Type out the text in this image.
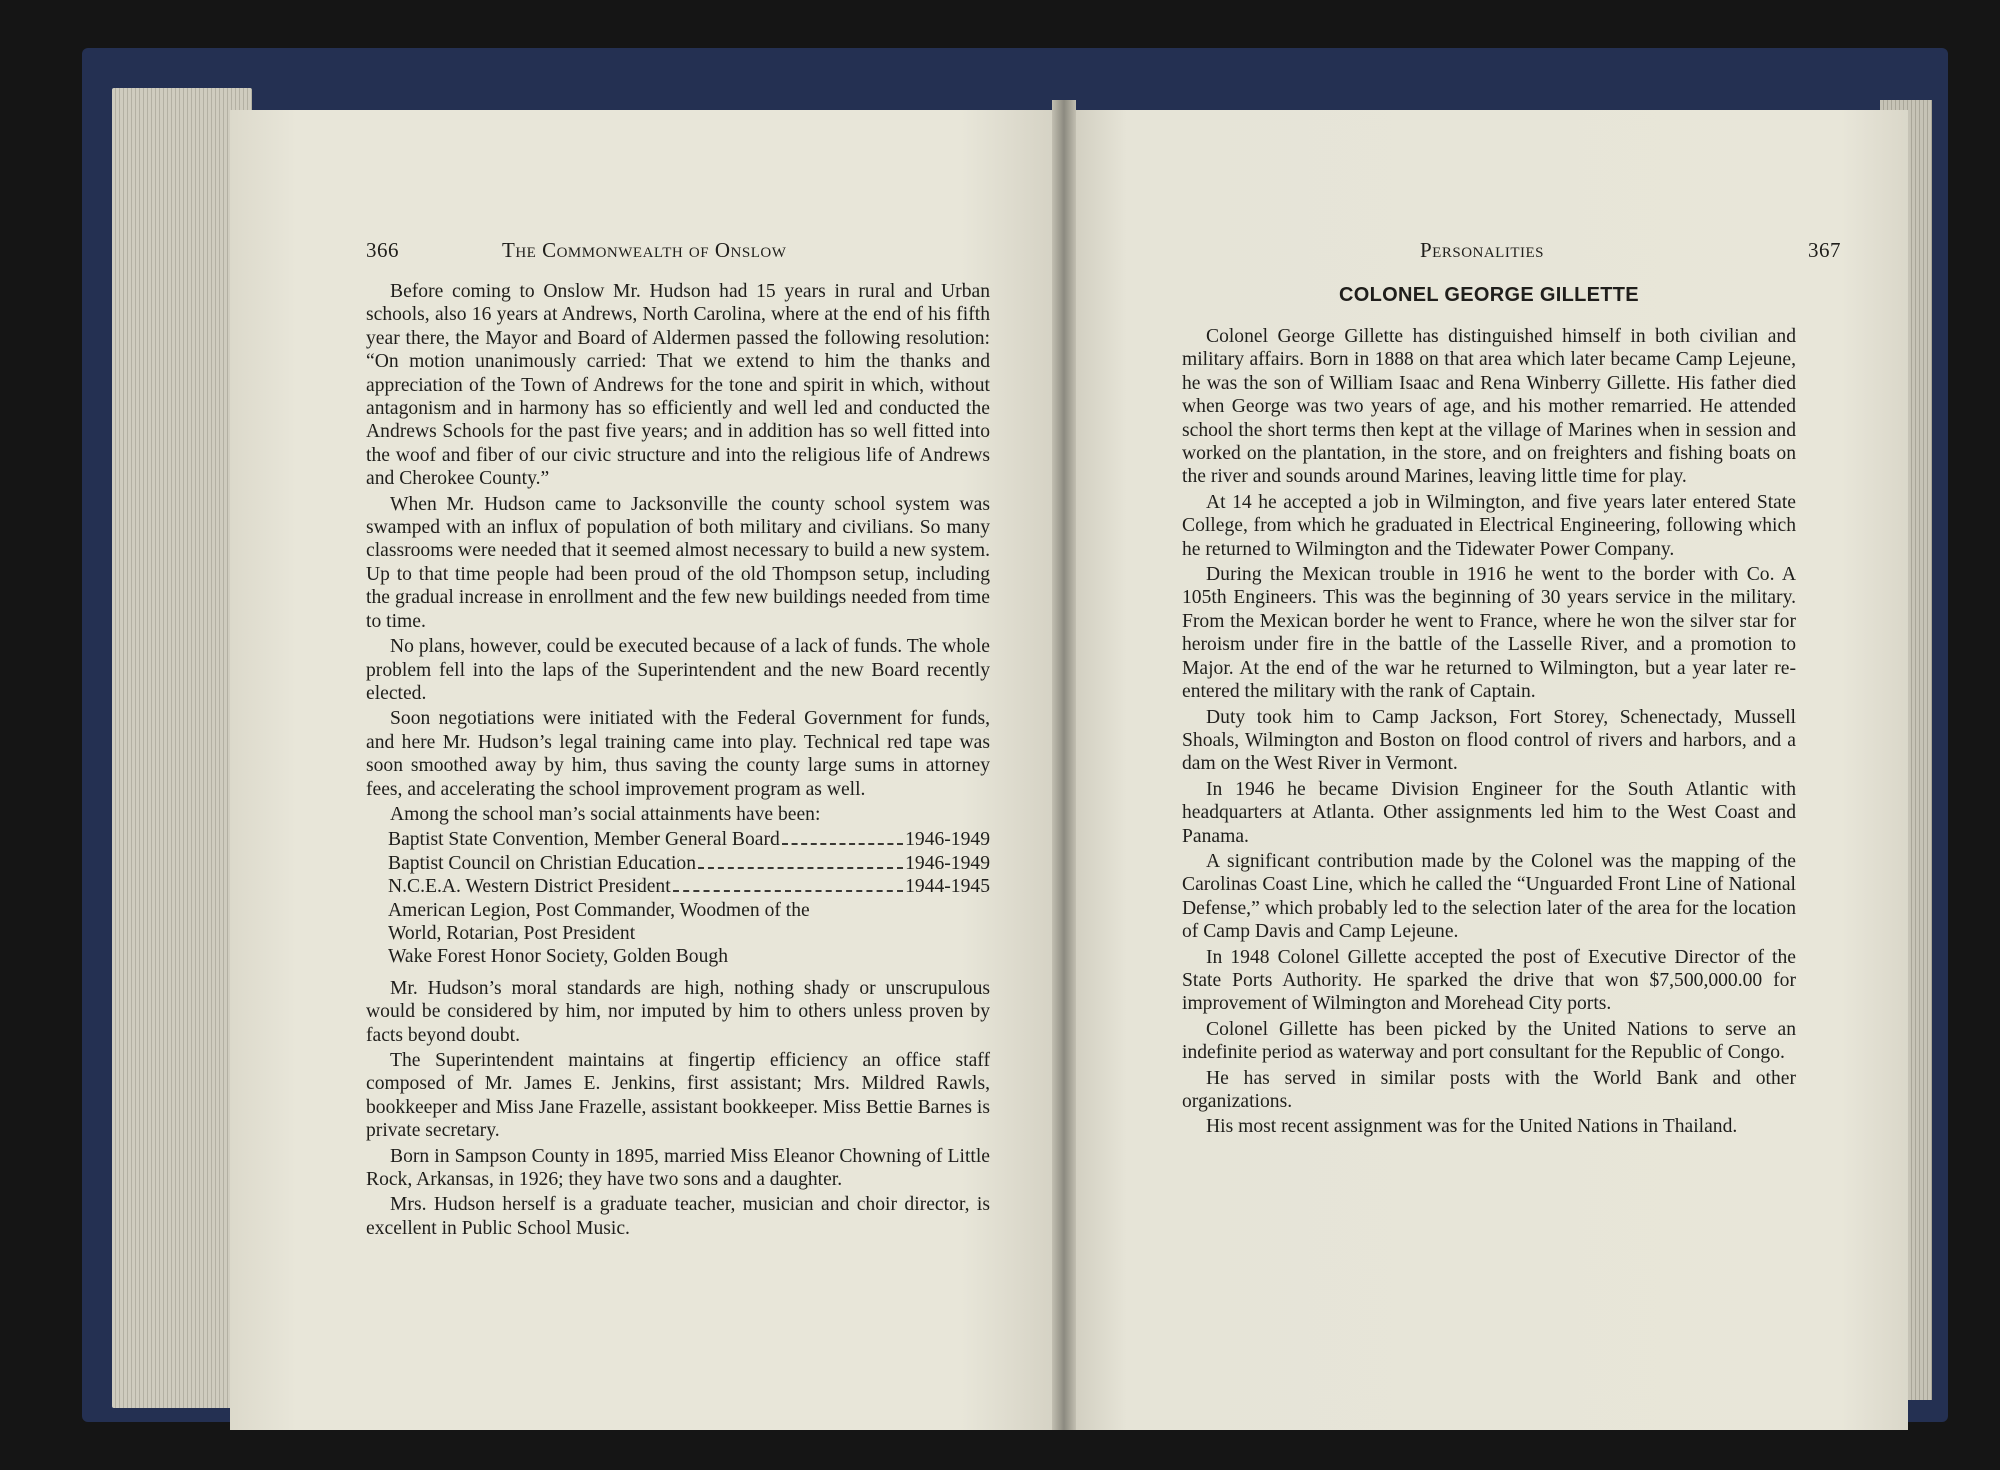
366	The Commonwealth of Onslow

Before coming to Onslow Mr. Hudson had 15 years in rural and Urban schools, also 16 years at Andrews, North Carolina, where at the end of his fifth year there, the Mayor and Board of Aldermen passed the following resolution: “On motion unanimously carried: That we extend to him the thanks and appreciation of the Town of Andrews for the tone and spirit in which, without antagonism and in harmony has so efficiently and well led and conducted the Andrews Schools for the past five years; and in addition has so well fitted into the woof and fiber of our civic structure and into the religious life of Andrews and Cherokee County.”

When Mr. Hudson came to Jacksonville the county school system was swamped with an influx of population of both military and civilians. So many classrooms were needed that it seemed almost necessary to build a new system. Up to that time people had been proud of the old Thompson setup, including the gradual increase in enrollment and the few new buildings needed from time to time.

No plans, however, could be executed because of a lack of funds. The whole problem fell into the laps of the Superintendent and the new Board recently elected.

Soon negotiations were initiated with the Federal Government for funds, and here Mr. Hudson’s legal training came into play. Technical red tape was soon smoothed away by him, thus saving the county large sums in attorney fees, and accelerating the school improvement program as well.

Among the school man’s social attainments have been:

Baptist State Convention, Member General Board	1946-1949
Baptist Council on Christian Education	1946-1949
N.C.E.A. Western District President	1944-1945
American Legion, Post Commander, Woodmen of the
World, Rotarian, Post President
Wake Forest Honor Society, Golden Bough

Mr. Hudson’s moral standards are high, nothing shady or unscrupulous would be considered by him, nor imputed by him to others unless proven by facts beyond doubt.

The Superintendent maintains at fingertip efficiency an office staff composed of Mr. James E. Jenkins, first assistant; Mrs. Mildred Rawls, bookkeeper and Miss Jane Frazelle, assistant bookkeeper. Miss Bettie Barnes is private secretary.

Born in Sampson County in 1895, married Miss Eleanor Chowning of Little Rock, Arkansas, in 1926; they have two sons and a daughter.

Mrs. Hudson herself is a graduate teacher, musician and choir director, is excellent in Public School Music.

Personalities	367
COLONEL GEORGE GILLETTE

Colonel George Gillette has distinguished himself in both civilian and military affairs. Born in 1888 on that area which later became Camp Lejeune, he was the son of William Isaac and Rena Winberry Gillette. His father died when George was two years of age, and his mother remarried. He attended school the short terms then kept at the village of Marines when in session and worked on the plantation, in the store, and on freighters and fishing boats on the river and sounds around Marines, leaving little time for play.

At 14 he accepted a job in Wilmington, and five years later entered State College, from which he graduated in Electrical Engineering, following which he returned to Wilmington and the Tidewater Power Company.

During the Mexican trouble in 1916 he went to the border with Co. A 105th Engineers. This was the beginning of 30 years service in the military. From the Mexican border he went to France, where he won the silver star for heroism under fire in the battle of the Lasselle River, and a promotion to Major. At the end of the war he returned to Wilmington, but a year later re-entered the military with the rank of Captain.

Duty took him to Camp Jackson, Fort Storey, Schenectady, Mussell Shoals, Wilmington and Boston on flood control of rivers and harbors, and a dam on the West River in Vermont.

In 1946 he became Division Engineer for the South Atlantic with headquarters at Atlanta. Other assignments led him to the West Coast and Panama.

A significant contribution made by the Colonel was the mapping of the Carolinas Coast Line, which he called the “Unguarded Front Line of National Defense,” which probably led to the selection later of the area for the location of Camp Davis and Camp Lejeune.

In 1948 Colonel Gillette accepted the post of Executive Director of the State Ports Authority. He sparked the drive that won $7,500,000.00 for improvement of Wilmington and Morehead City ports.

Colonel Gillette has been picked by the United Nations to serve an indefinite period as waterway and port consultant for the Republic of Congo.

He has served in similar posts with the World Bank and other organizations.

His most recent assignment was for the United Nations in Thailand.
